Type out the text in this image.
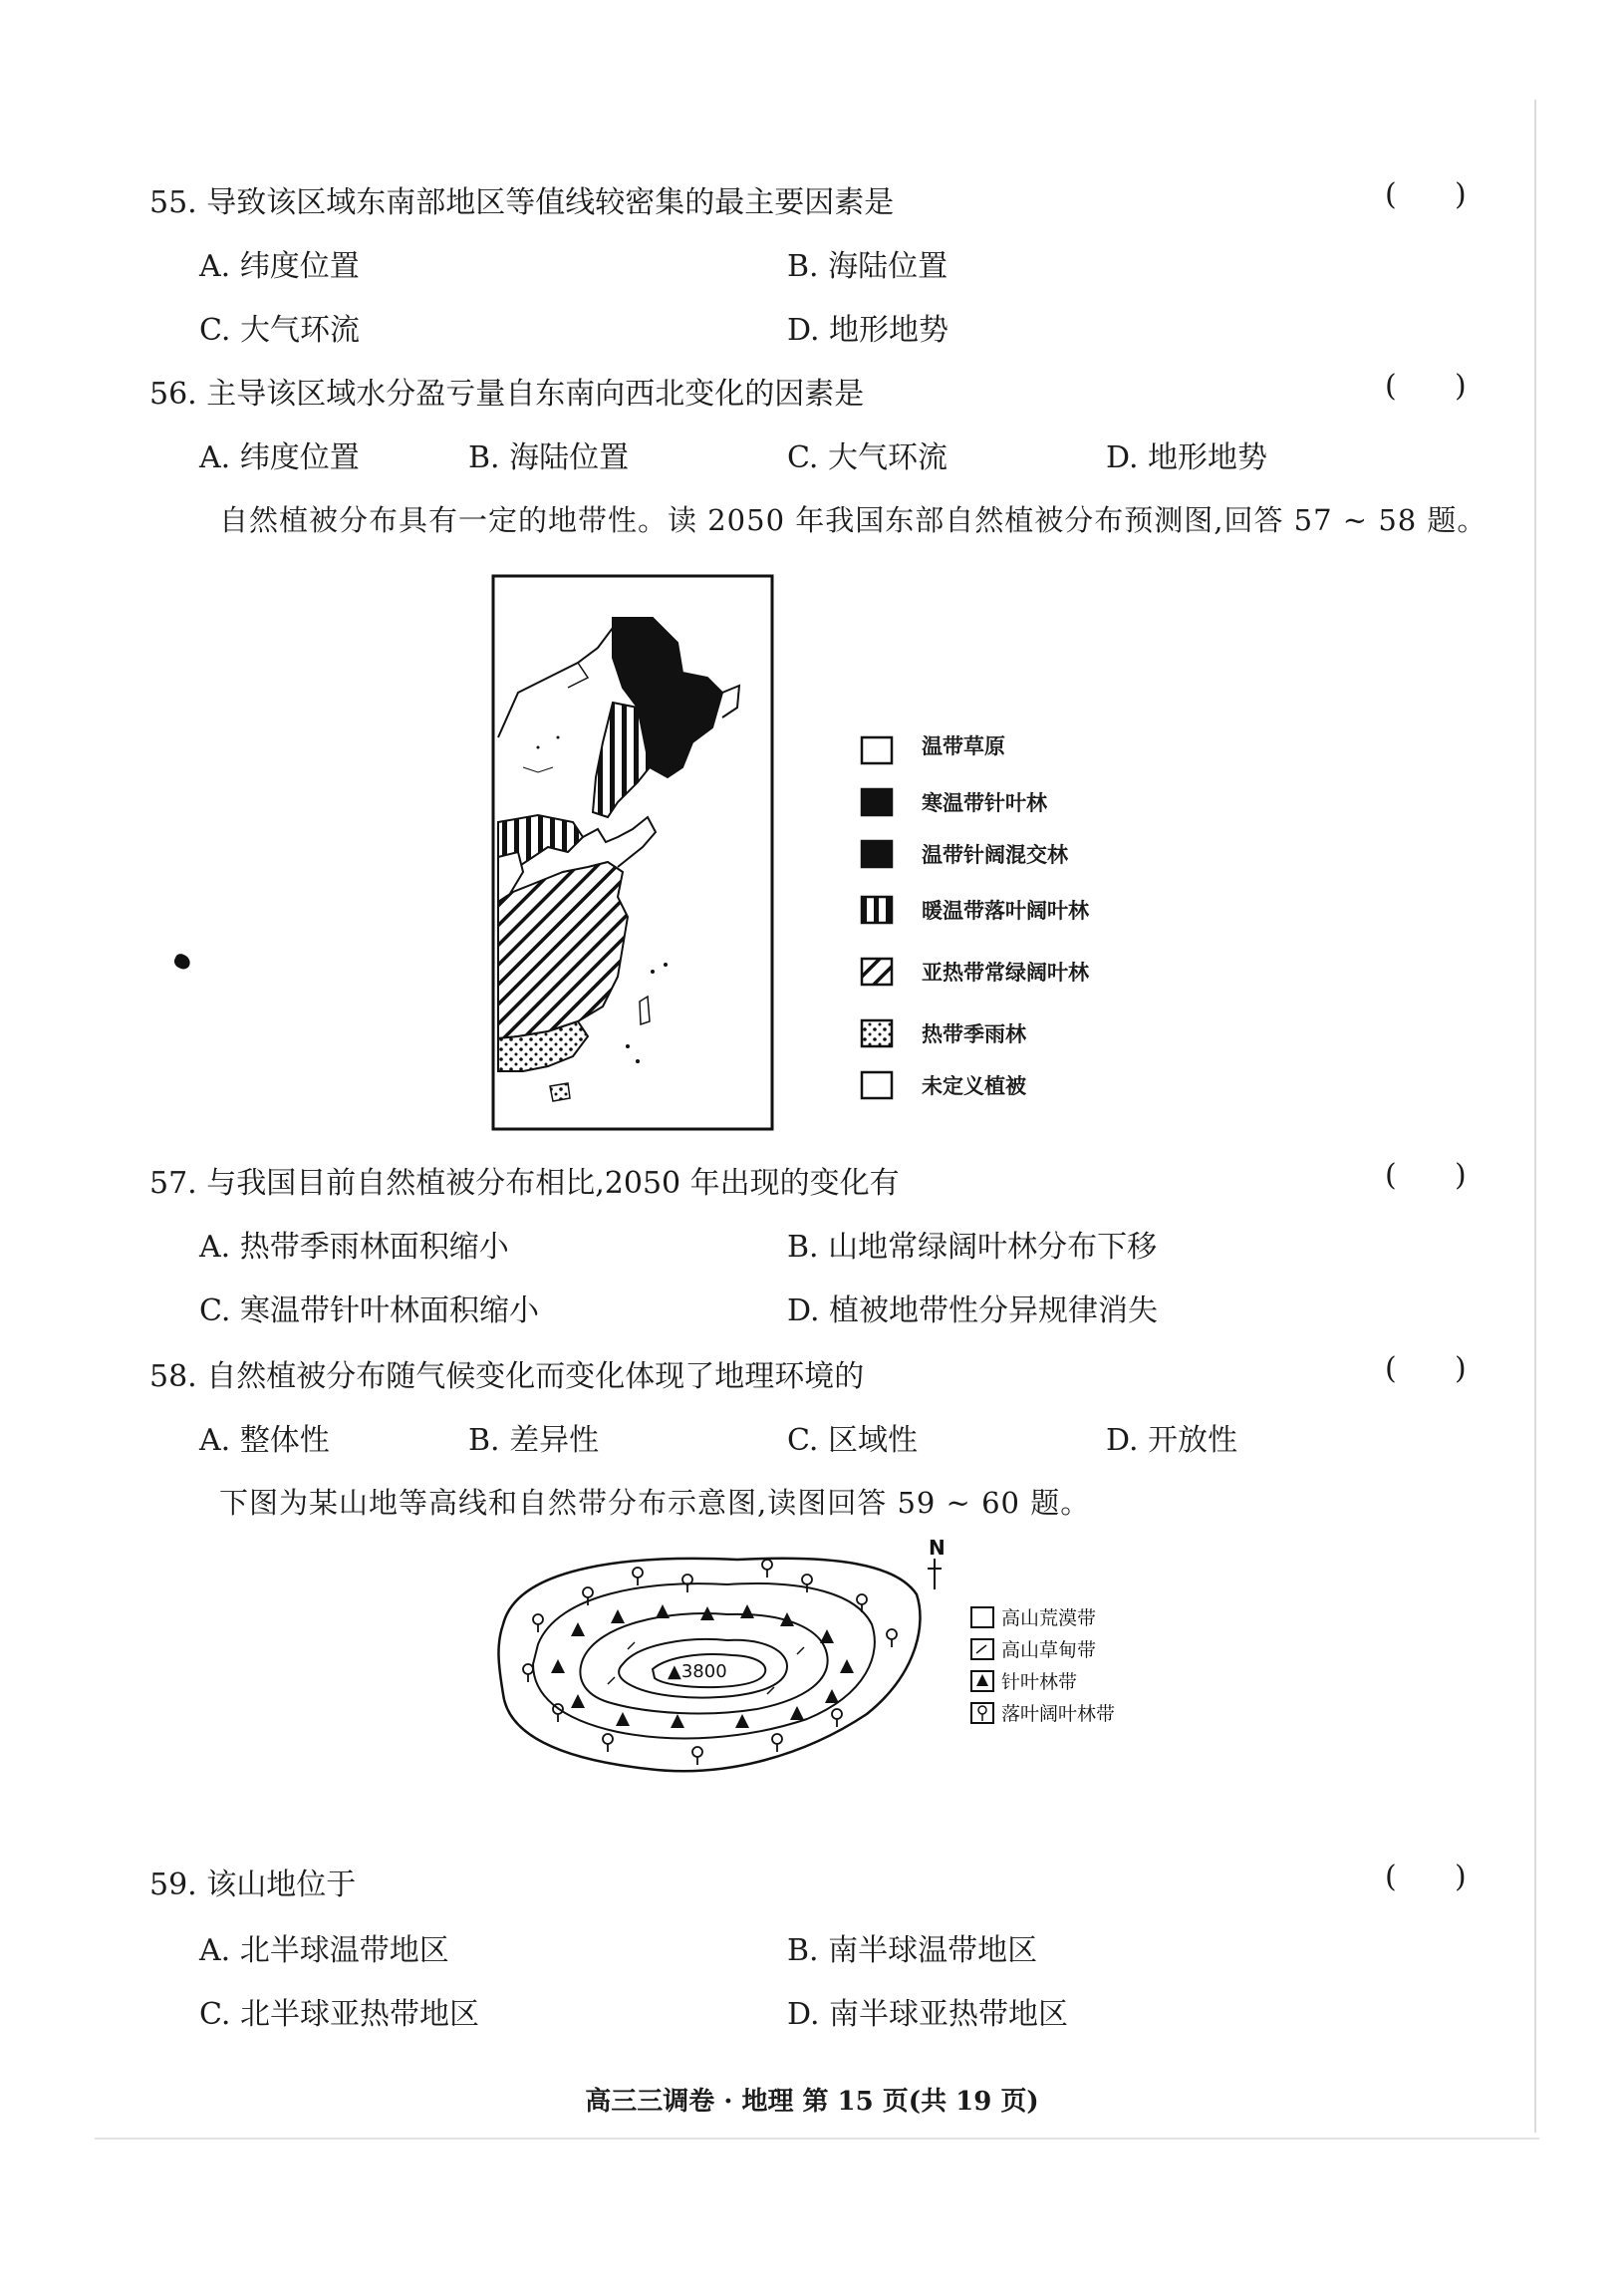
55. 导致该区域东南部地区等值线较密集的最主要因素是	( )
A. 纬度位置	B. 海陆位置
C. 大气环流	D. 地形地势
56. 主导该区域水分盈亏量自东南向西北变化的因素是	( )
A. 纬度位置	B. 海陆位置	C. 大气环流	D. 地形地势
自然植被分布具有一定的地带性。读 2050 年我国东部自然植被分布预测图,回答 57 ~ 58 题。
温带草原
寒温带针叶林
温带针阔混交林
暖温带落叶阔叶林
亚热带常绿阔叶林
热带季雨林
未定义植被
57. 与我国目前自然植被分布相比,2050 年出现的变化有	( )
A. 热带季雨林面积缩小	B. 山地常绿阔叶林分布下移
C. 寒温带针叶林面积缩小	D. 植被地带性分异规律消失
58. 自然植被分布随气候变化而变化体现了地理环境的	( )
A. 整体性	B. 差异性	C. 区域性	D. 开放性
下图为某山地等高线和自然带分布示意图,读图回答 59 ~ 60 题。
▲3800
N
高山荒漠带
高山草甸带
针叶林带
落叶阔叶林带
59. 该山地位于	( )
A. 北半球温带地区	B. 南半球温带地区
C. 北半球亚热带地区	D. 南半球亚热带地区
高三三调卷 · 地理 第 15 页(共 19 页)
